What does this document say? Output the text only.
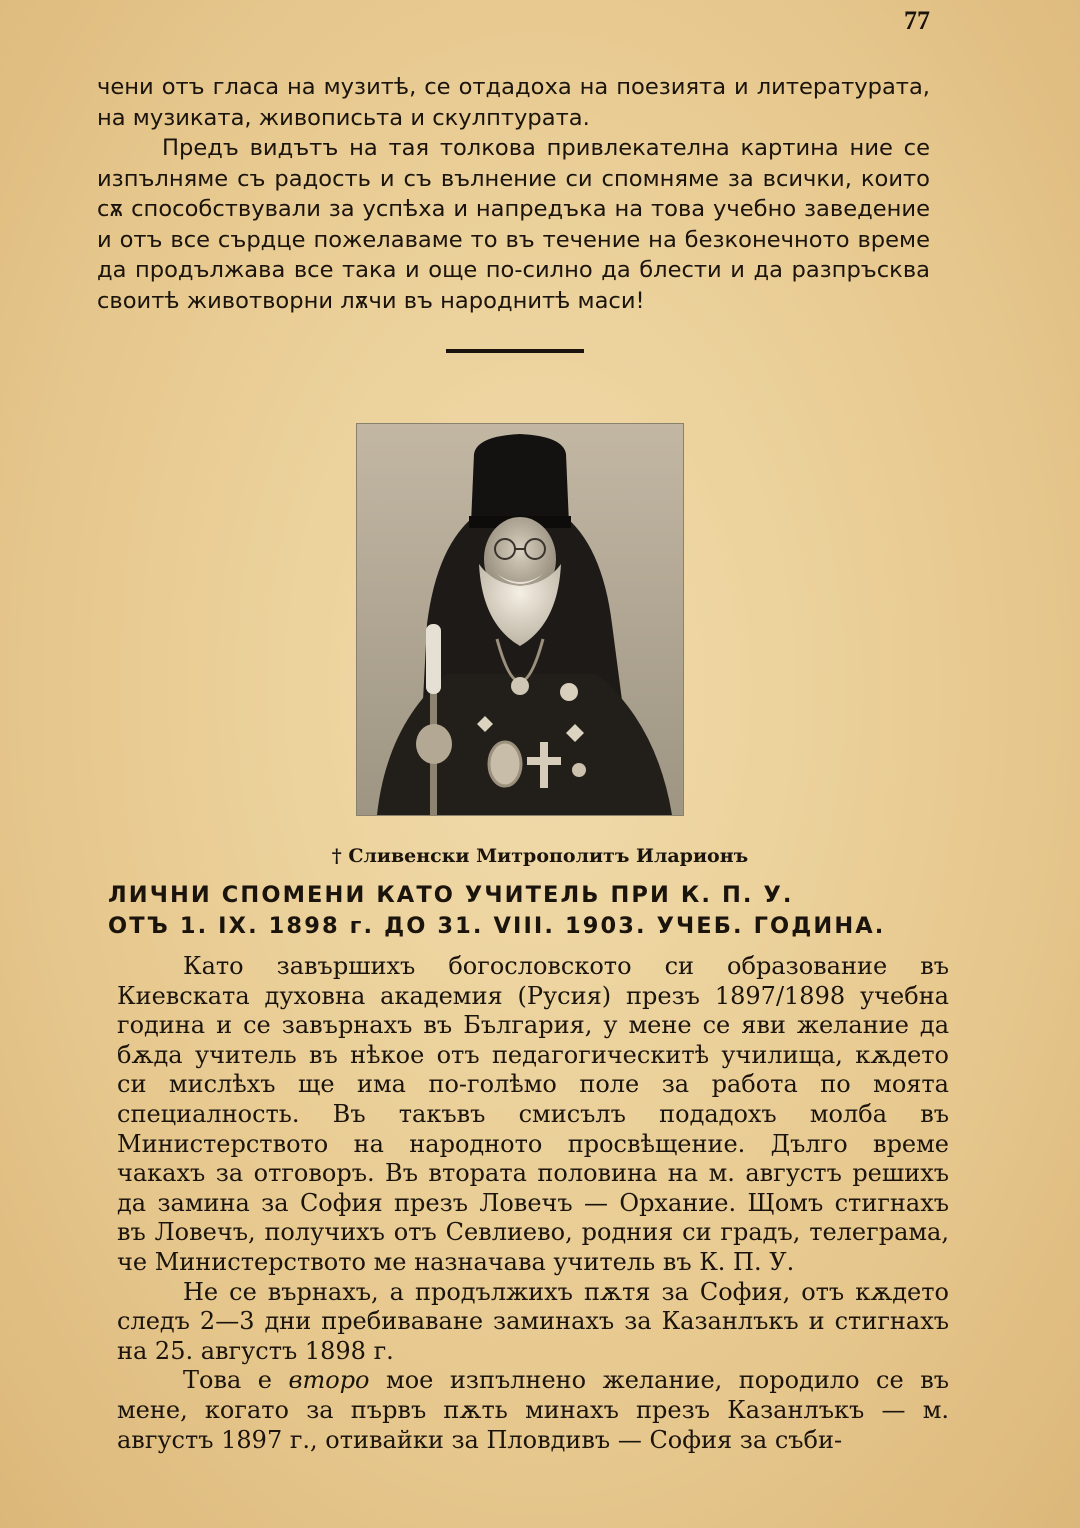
77

чени отъ гласа на музитѣ, се отдадоха на поезията и литературата, на музиката, живописьта и скулптурата.

Предъ видътъ на тая толкова привлекателна картина ние се изпълняме съ радость и съ вълнение си спомняме за всички, които сѫ способствували за успѣха и напредъка на това учебно заведение и отъ все сърдце пожелаваме то въ течение на безконечното време да продължава все така и още по-силно да блести и да разпръсква своитѣ животворни лѫчи въ народнитѣ маси!

† Сливенски Митрополитъ Иларионъ
ЛИЧНИ СПОМЕНИ КАТО УЧИТЕЛЬ ПРИ К. П. У.
ОТЪ 1. IX. 1898 г. ДО 31. VIII. 1903. УЧЕБ. ГОДИНА.

Като завършихъ богословското си образование въ Киевската духовна академия (Русия) презъ 1897/1898 учебна година и се завърнахъ въ България, у мене се яви желание да бѫда учитель въ нѣкое отъ педагогическитѣ училища, кѫдето си мислѣхъ ще има по-голѣмо поле за работа по моята специалность. Въ такъвъ смисълъ подадохъ молба въ Министерството на народното просвѣщение. Дълго време чакахъ за отговоръ. Въ втората половина на м. августъ решихъ да замина за София презъ Ловечъ — Орхание. Щомъ стигнахъ въ Ловечъ, получихъ отъ Севлиево, родния си градъ, телеграма, че Министерството ме назначава учитель въ К. П. У.

Не се върнахъ, а продължихъ пѫтя за София, отъ кѫдето следъ 2—3 дни пребиваване заминахъ за Казанлъкъ и стигнахъ на 25. августъ 1898 г.

Това е второ мое изпълнено желание, породило се въ мене, когато за първъ пѫть минахъ презъ Казанлъкъ — м. августъ 1897 г., отивайки за Пловдивъ — София за съби-
